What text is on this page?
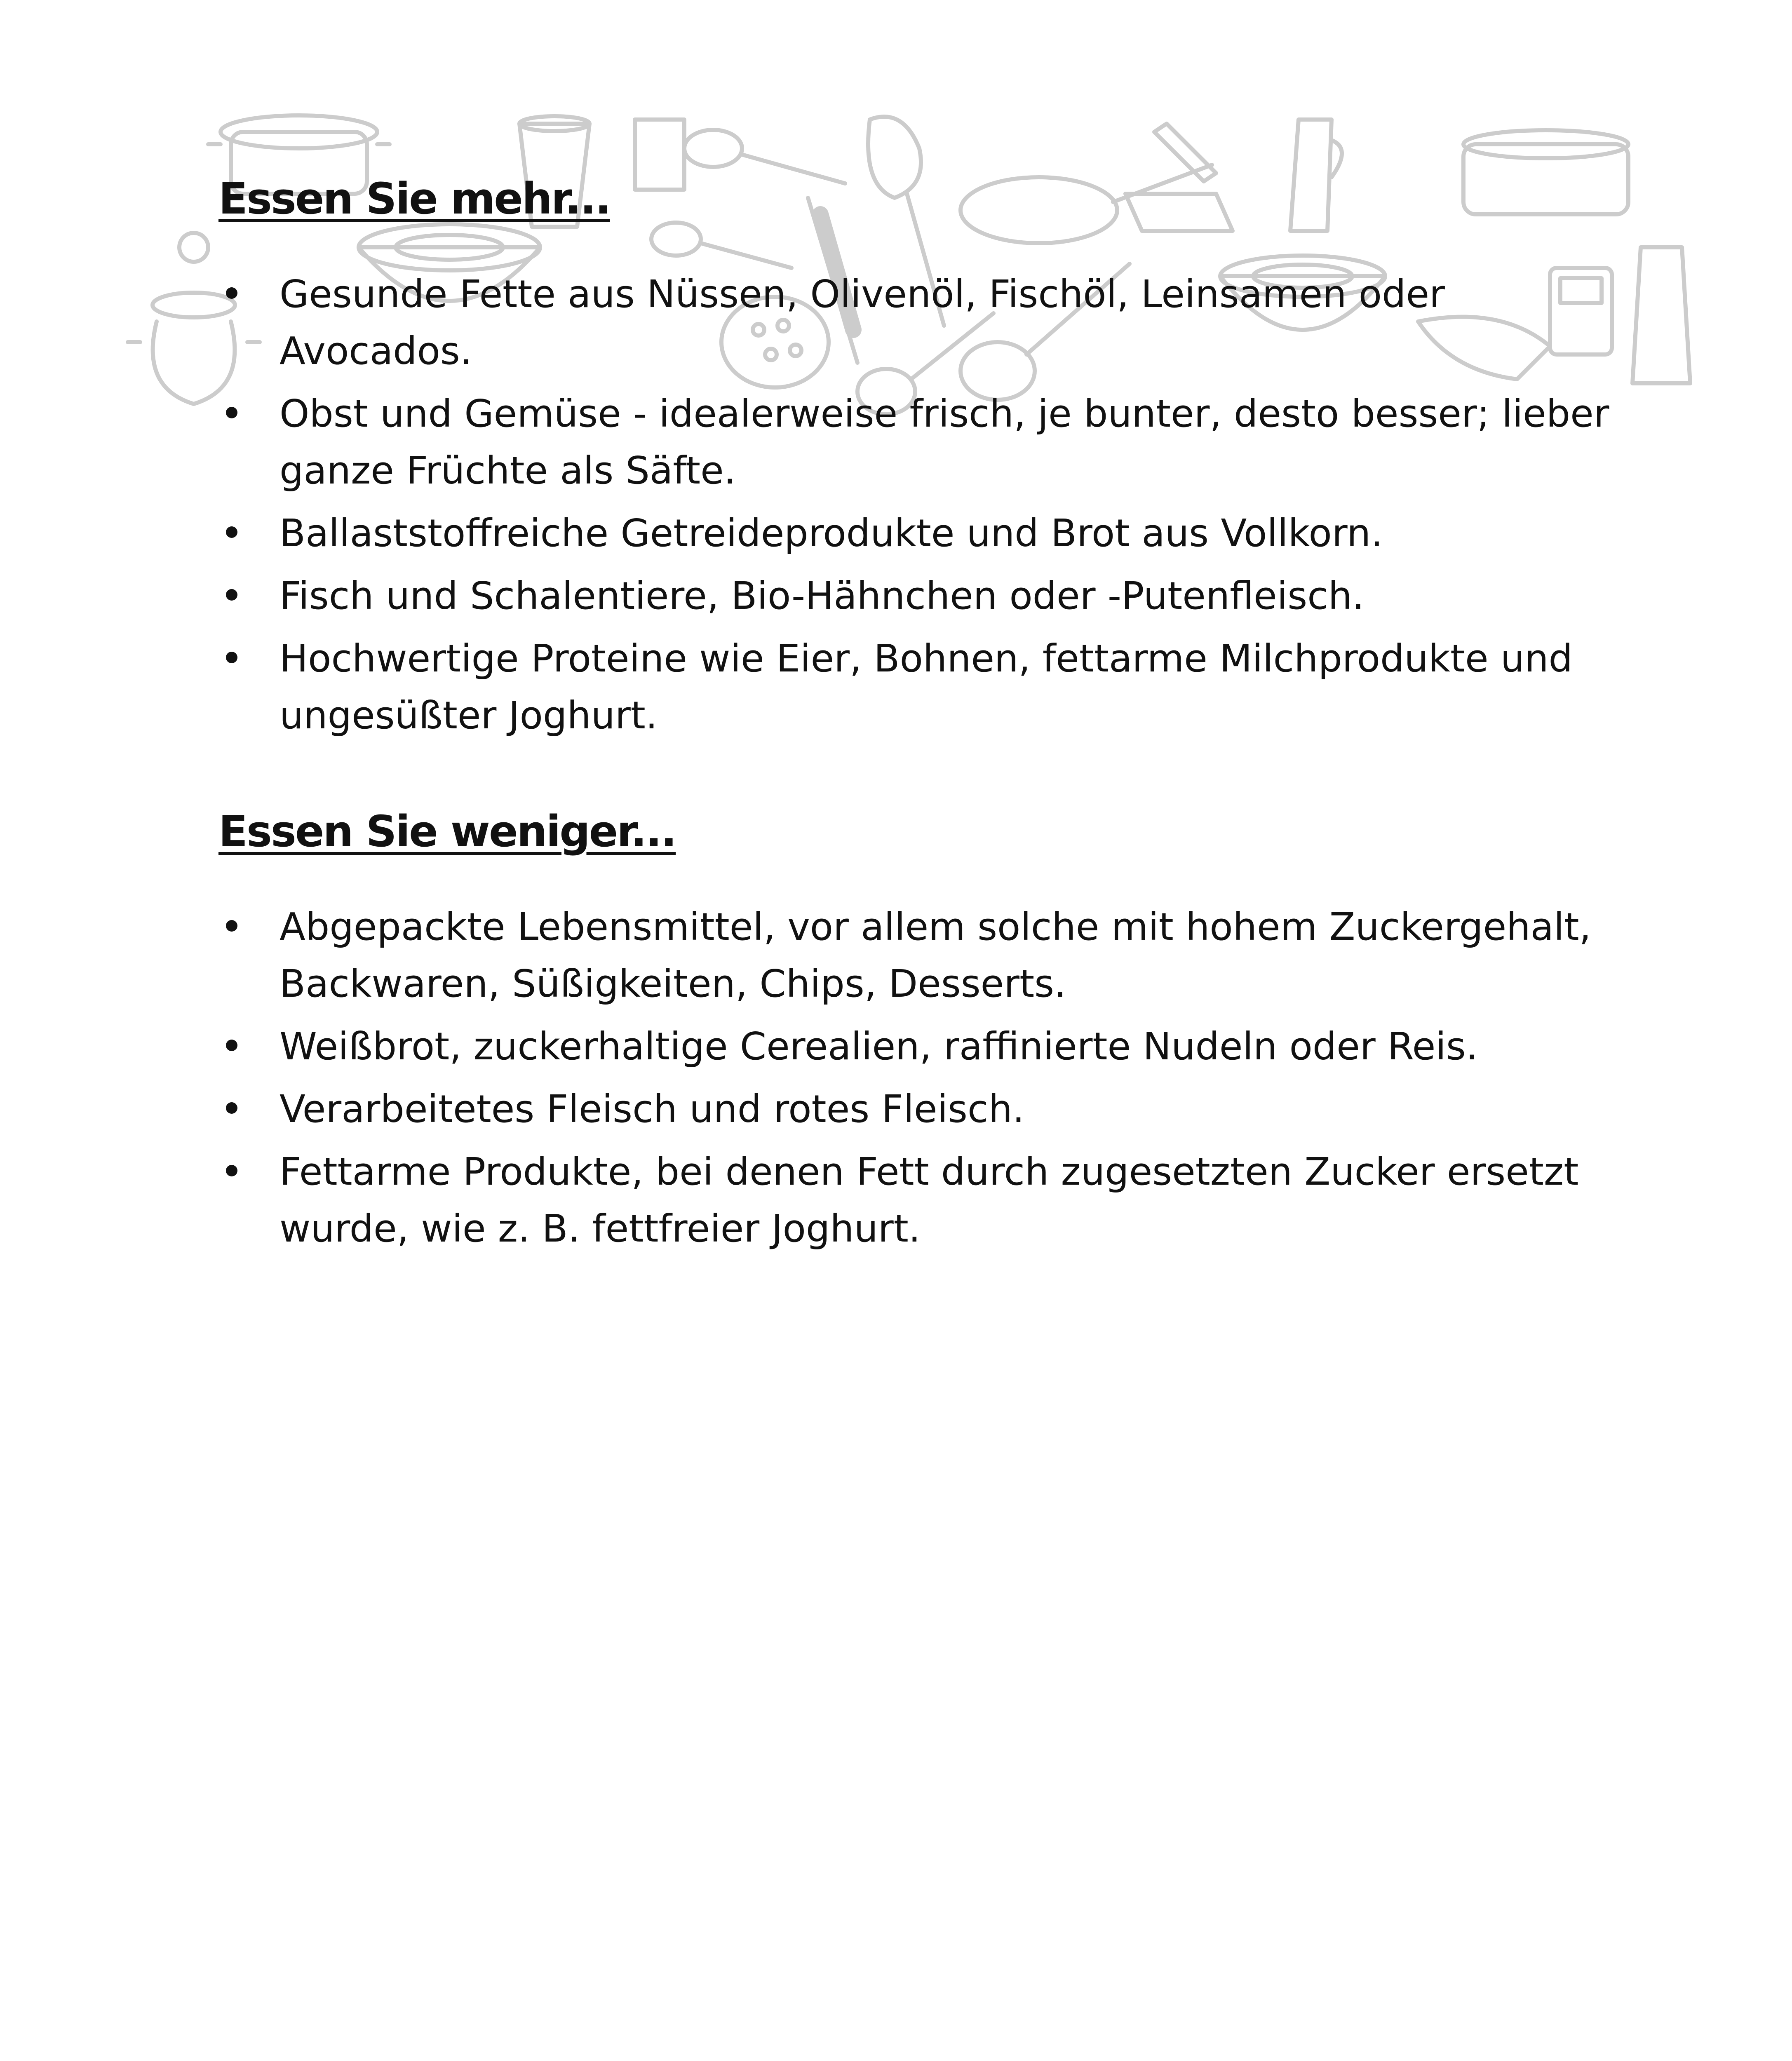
Essen Sie mehr...
Gesunde Fette aus Nüssen, Olivenöl, Fischöl, Leinsamen oder Avocados.
Obst und Gemüse - idealerweise frisch, je bunter, desto besser; lieber ganze Früchte als Säfte.
Ballaststoffreiche Getreideprodukte und Brot aus Vollkorn.
Fisch und Schalentiere, Bio-Hähnchen oder -Putenfleisch.
Hochwertige Proteine wie Eier, Bohnen, fettarme Milchprodukte und ungesüßter Joghurt.
Essen Sie weniger...
Abgepackte Lebensmittel, vor allem solche mit hohem Zuckergehalt, Backwaren, Süßigkeiten, Chips, Desserts.
Weißbrot, zuckerhaltige Cerealien, raffinierte Nudeln oder Reis.
Verarbeitetes Fleisch und rotes Fleisch.
Fettarme Produkte, bei denen Fett durch zugesetzten Zucker ersetzt wurde, wie z. B. fettfreier Joghurt.
